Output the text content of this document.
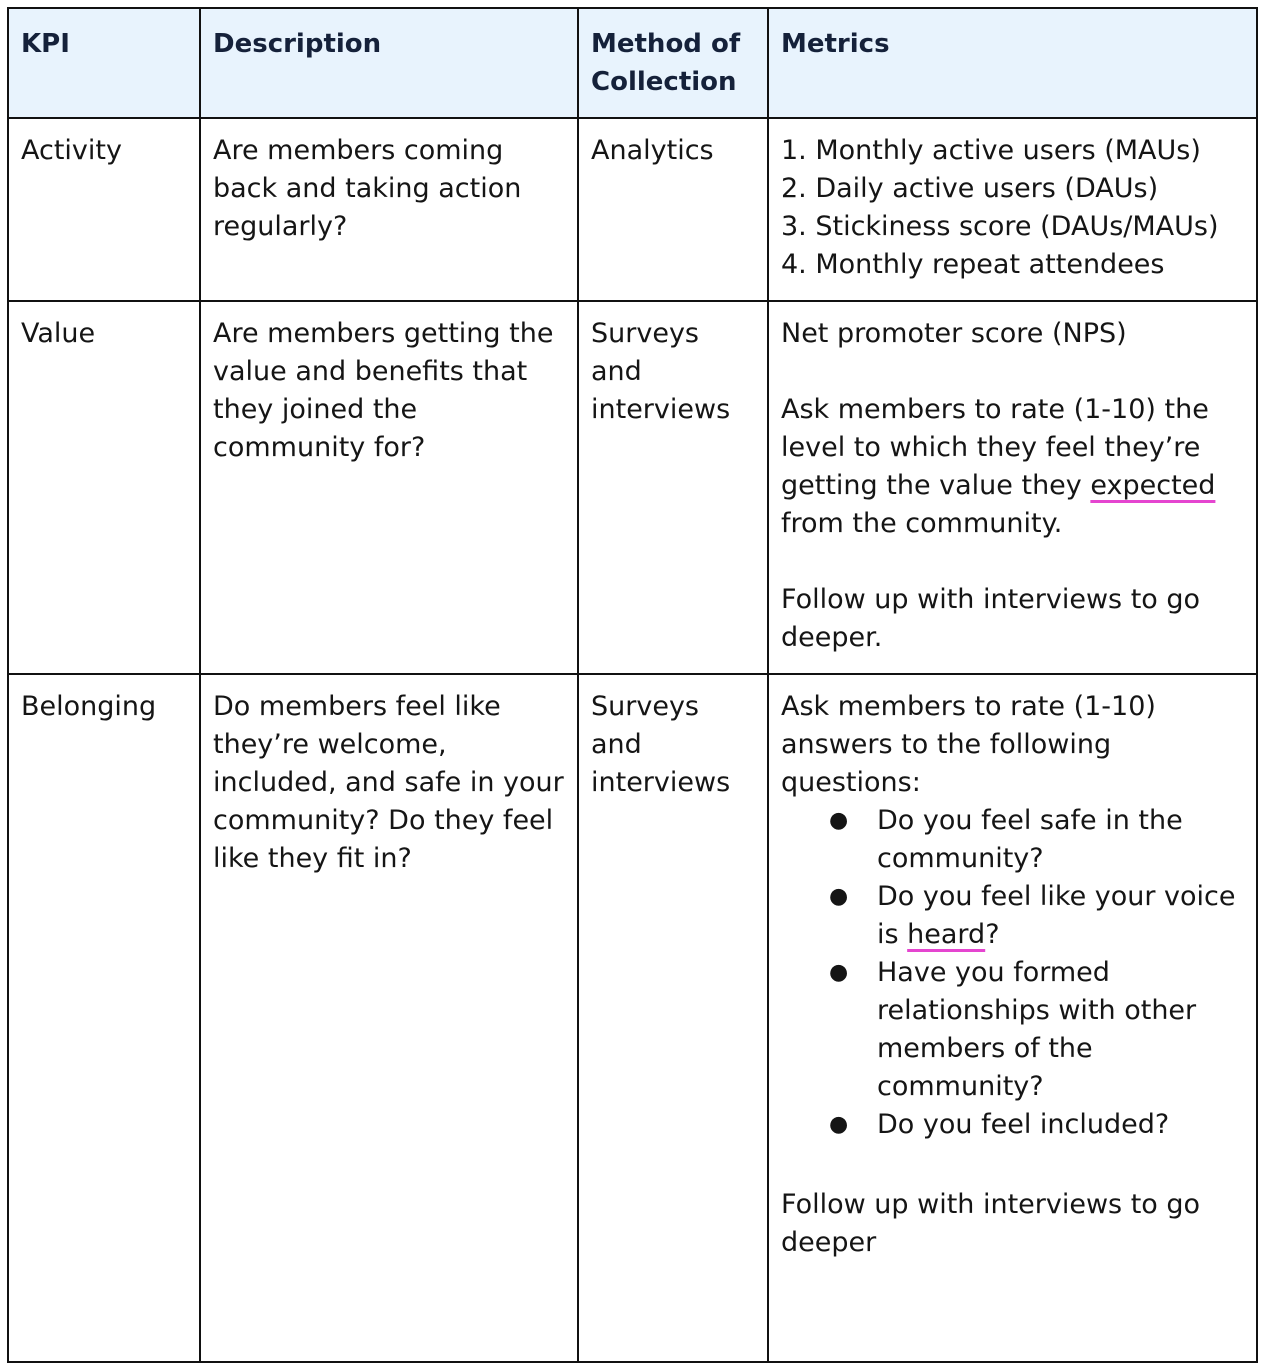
KPI	Description	Method of Collection	Metrics
Activity	Are members coming back and taking action regularly?	Analytics	1. Monthly active users (MAUs)
2. Daily active users (DAUs)
3. Stickiness score (DAUs/MAUs)
4. Monthly repeat attendees

Value	Are members getting the value and benefits that they joined the community for?	Surveys and interviews	Net promoter score (NPS)
Ask members to rate (1-10) the level to which they feel they’re getting the value they expected from the community.
Follow up with interviews to go deeper.

Belonging	Do members feel like they’re welcome, included, and safe in your community? Do they feel like they fit in?	Surveys and interviews	
Ask members to rate (1-10) answers to the following questions:
● Do you feel safe in the community?
● Do you feel like your voice is heard?
● Have you formed relationships with other members of the community?
● Do you feel included?
Follow up with interviews to go deeper
